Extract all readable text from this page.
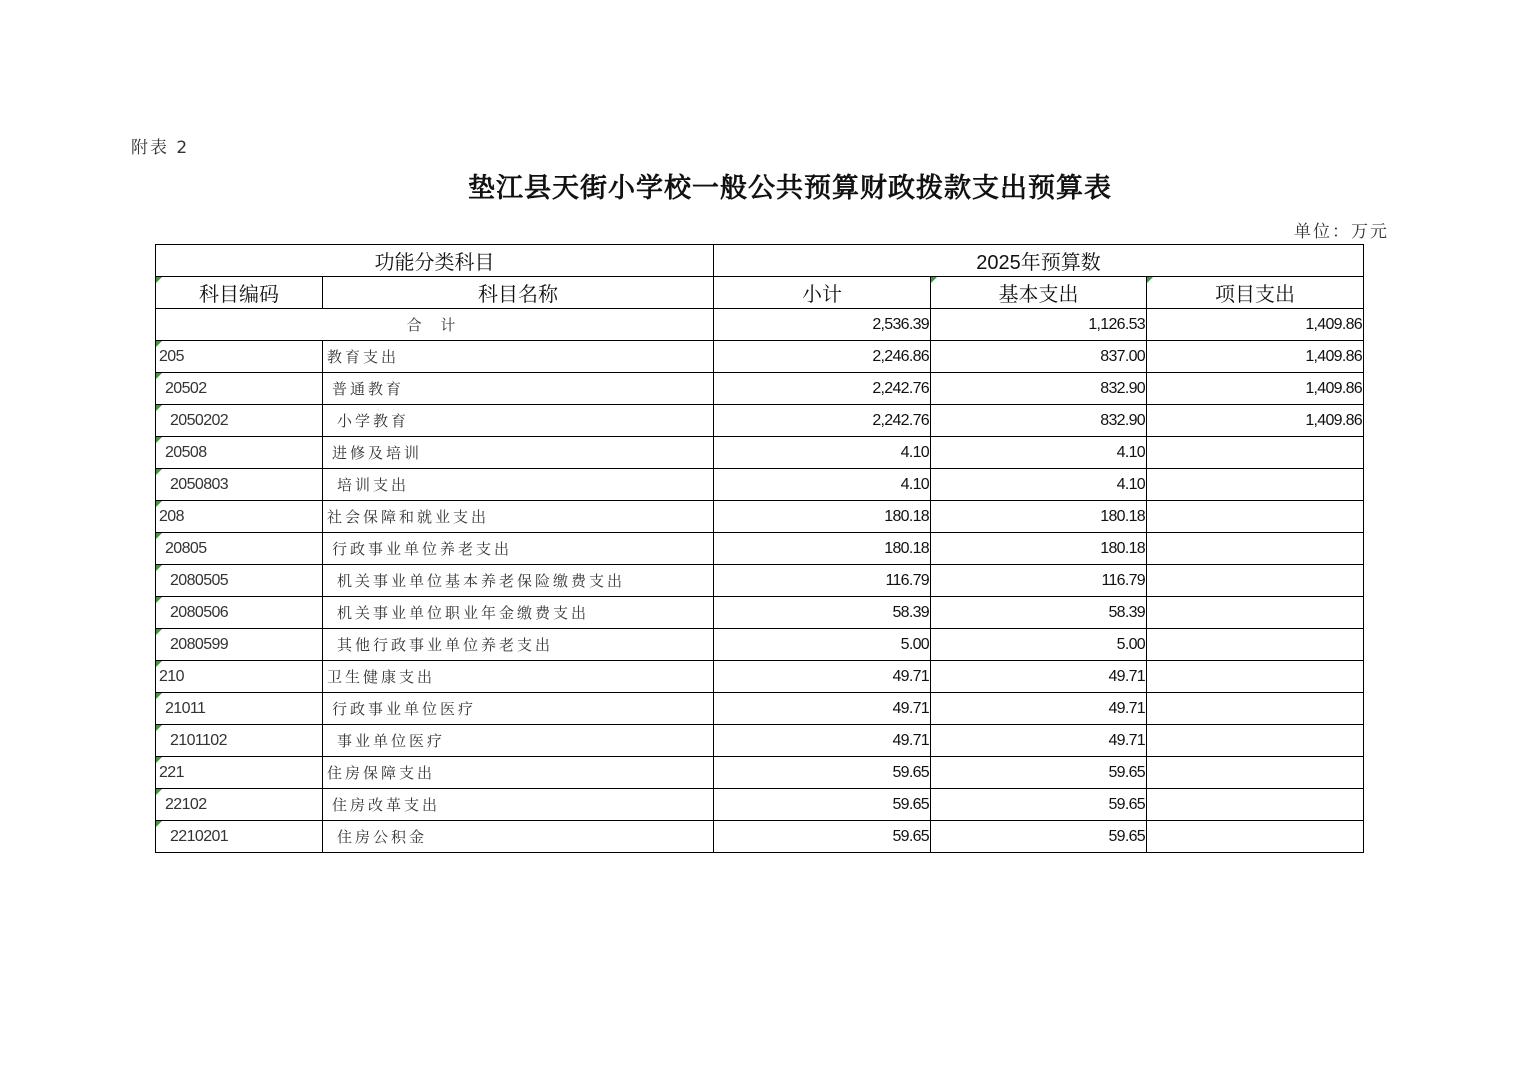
附表 2
垫江县天街小学校一般公共预算财政拨款支出预算表
单位：万元
功能分类科目		2025年预算数		
科目编码	科目名称	小计	基本支出	项目支出
合 计		2,536.39	1,126.53	1,409.86
205	教育支出	2,246.86	837.00	1,409.86
20502	普通教育	2,242.76	832.90	1,409.86
2050202	小学教育	2,242.76	832.90	1,409.86
20508	进修及培训	4.10	4.10	
2050803	培训支出	4.10	4.10	
208	社会保障和就业支出	180.18	180.18	
20805	行政事业单位养老支出	180.18	180.18	
2080505	机关事业单位基本养老保险缴费支出	116.79	116.79	
2080506	机关事业单位职业年金缴费支出	58.39	58.39	
2080599	其他行政事业单位养老支出	5.00	5.00	
210	卫生健康支出	49.71	49.71	
21011	行政事业单位医疗	49.71	49.71	
2101102	事业单位医疗	49.71	49.71	
221	住房保障支出	59.65	59.65	
22102	住房改革支出	59.65	59.65	
2210201	住房公积金	59.65	59.65	
